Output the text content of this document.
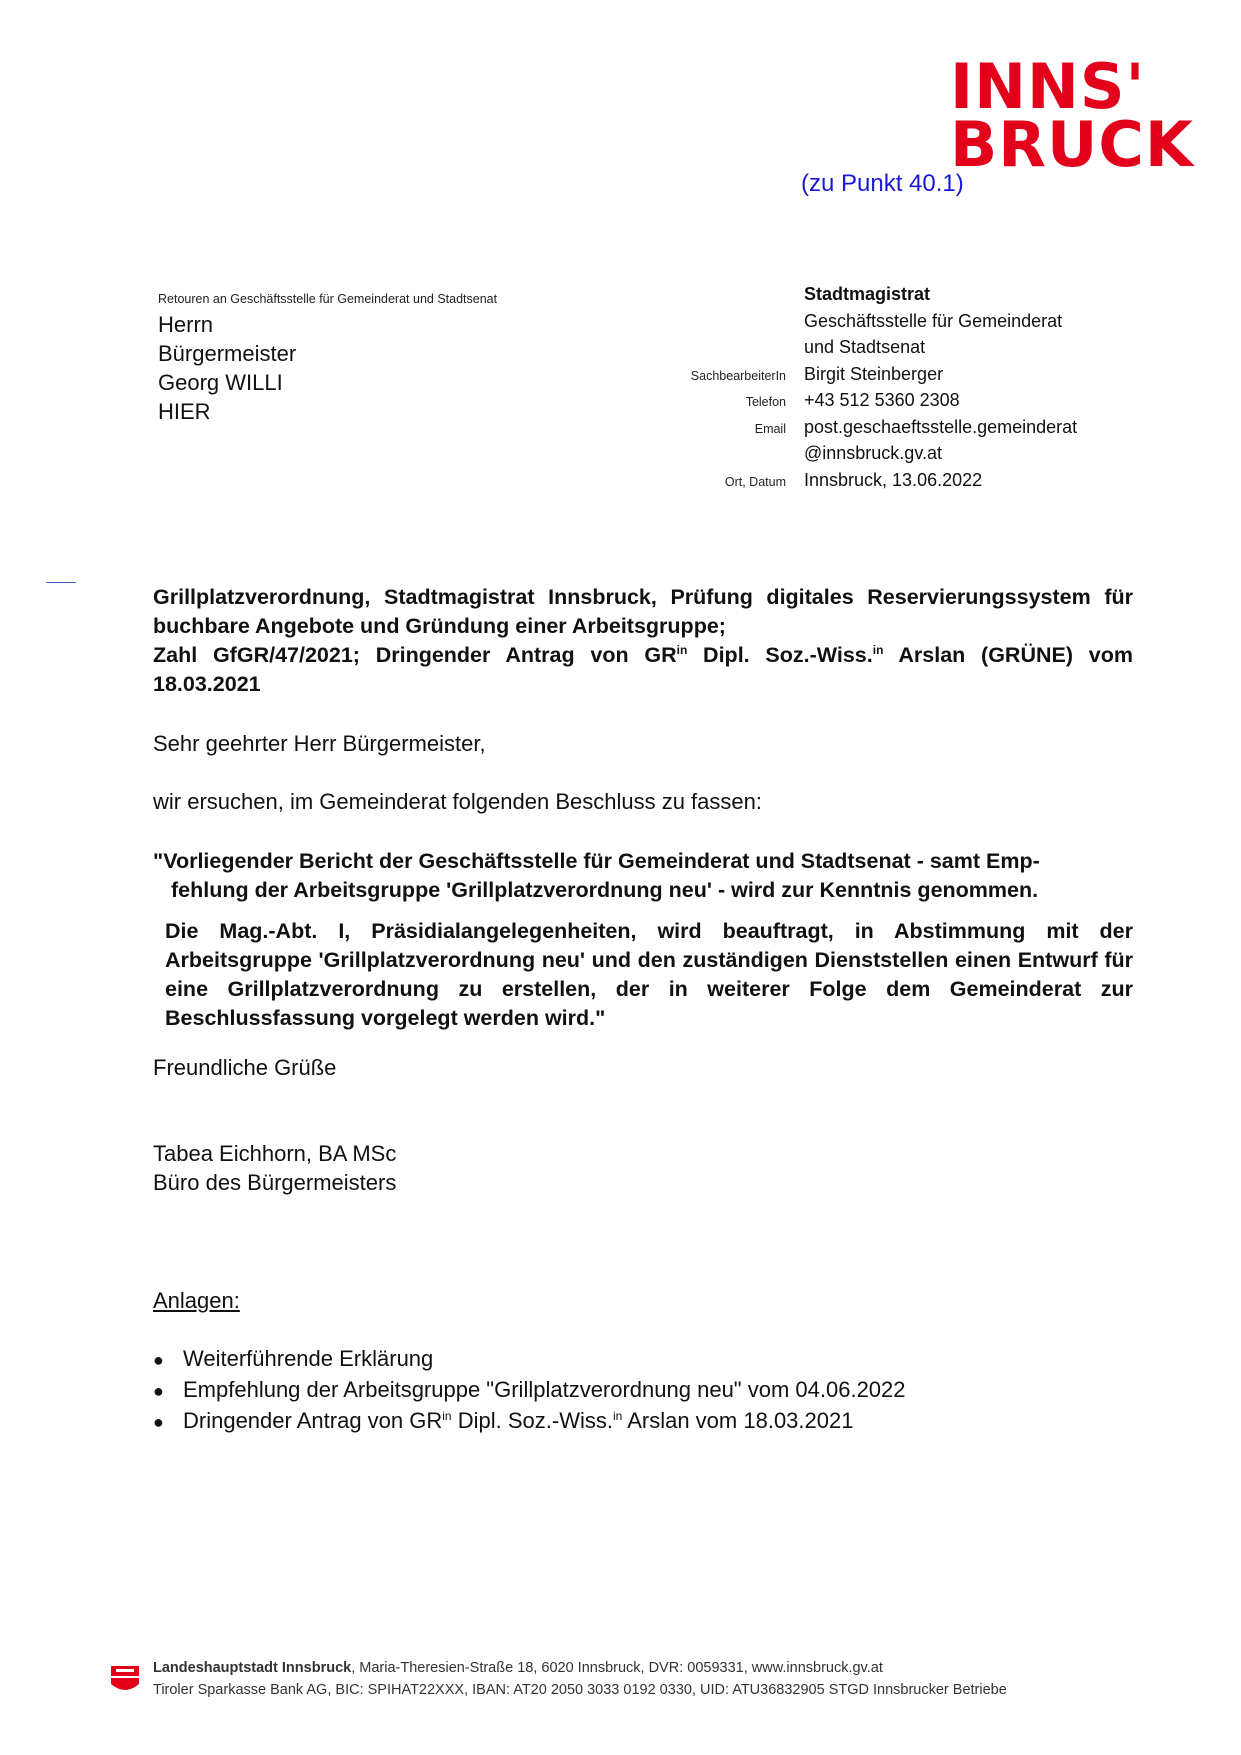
INNS'
BRUCK
(zu Punkt 40.1)
Retouren an Geschäftsstelle für Gemeinderat und Stadtsenat
Herrn
Bürgermeister
Georg WILLI
HIER
Stadtmagistrat
Geschäftsstelle für Gemeinderat
und Stadtsenat
SachbearbeiterIn	Birgit Steinberger
Telefon	+43 512 5360 2308
Email	post.geschaeftsstelle.gemeinderat
@innsbruck.gv.at
Ort, Datum	Innsbruck, 13.06.2022

Grillplatzverordnung, Stadtmagistrat Innsbruck, Prüfung digitales Reservierungssystem für buchbare Angebote und Gründung einer Arbeitsgruppe;

Zahl GfGR/47/2021; Dringender Antrag von $GR^{in}$ Dipl. Soz.-Wiss.$^{in}$ Arslan (GRÜNE) vom 18.03.2021

Sehr geehrter Herr Bürgermeister,
wir ersuchen, im Gemeinderat folgenden Beschluss zu fassen:
"Vorliegender Bericht der Geschäftsstelle für Gemeinderat und Stadtsenat - samt Emp-
fehlung der Arbeitsgruppe 'Grillplatzverordnung neu' - wird zur Kenntnis genommen.
Die Mag.-Abt. I, Präsidialangelegenheiten, wird beauftragt, in Abstimmung mit der Arbeitsgruppe 'Grillplatzverordnung neu' und den zuständigen Dienststellen einen Entwurf für eine Grillplatzverordnung zu erstellen, der in weiterer Folge dem Gemeinderat zur Beschlussfassung vorgelegt werden wird."
Freundliche Grüße
Tabea Eichhorn, BA MSc
Büro des Bürgermeisters
Anlagen:
● Weiterführende Erklärung
● Empfehlung der Arbeitsgruppe "Grillplatzverordnung neu" vom 04.06.2022
● Dringender Antrag von $GR^{in}$ Dipl. Soz.-Wiss.$^{in}$ Arslan vom 18.03.2021
Landeshauptstadt Innsbruck, Maria-Theresien-Straße 18, 6020 Innsbruck, DVR: 0059331, www.innsbruck.gv.at
Tiroler Sparkasse Bank AG, BIC: SPIHAT22XXX, IBAN: AT20 2050 3033 0192 0330, UID: ATU36832905 STGD Innsbrucker Betriebe
